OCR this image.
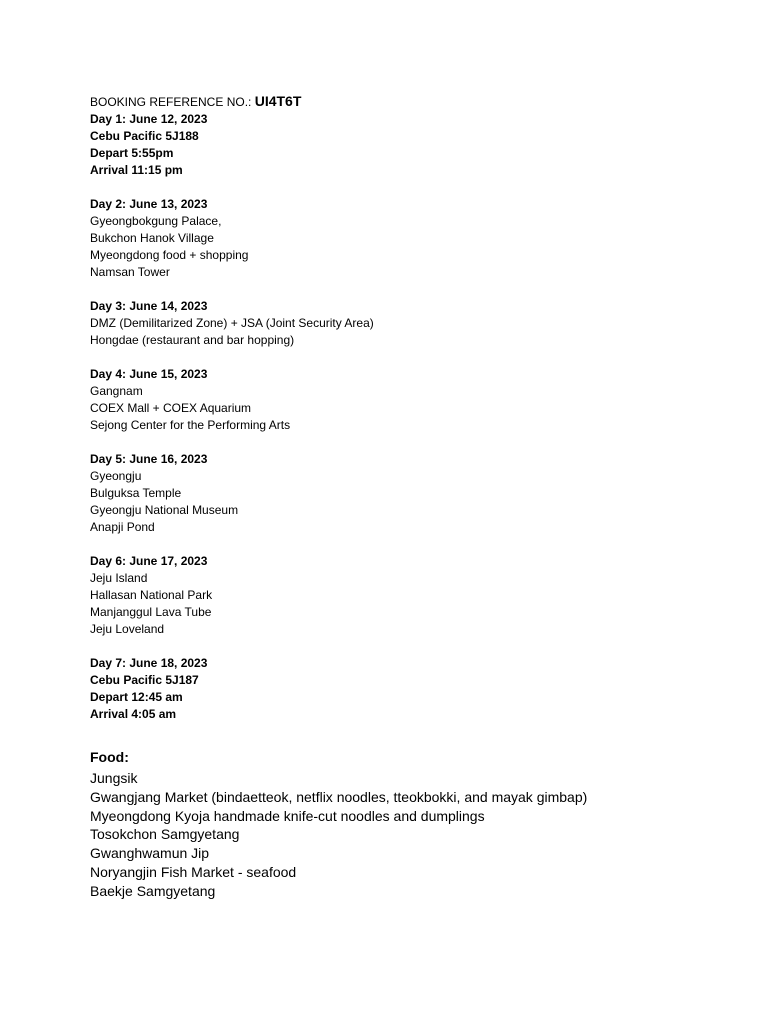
BOOKING REFERENCE NO.: UI4T6T

Day 1: June 12, 2023

Cebu Pacific 5J188

Depart 5:55pm

Arrival 11:15 pm

Day 2: June 13, 2023

Gyeongbokgung Palace,

Bukchon Hanok Village

Myeongdong food + shopping

Namsan Tower

Day 3: June 14, 2023

DMZ (Demilitarized Zone) + JSA (Joint Security Area)

Hongdae (restaurant and bar hopping)

Day 4: June 15, 2023

Gangnam

COEX Mall + COEX Aquarium

Sejong Center for the Performing Arts

Day 5: June 16, 2023

Gyeongju

Bulguksa Temple

Gyeongju National Museum

Anapji Pond

Day 6: June 17, 2023

Jeju Island

Hallasan National Park

Manjanggul Lava Tube

Jeju Loveland

Day 7: June 18, 2023

Cebu Pacific 5J187

Depart 12:45 am

Arrival 4:05 am

Food:

Jungsik

Gwangjang Market (bindaetteok, netflix noodles, tteokbokki, and mayak gimbap)

Myeongdong Kyoja handmade knife-cut noodles and dumplings

Tosokchon Samgyetang

Gwanghwamun Jip

Noryangjin Fish Market - seafood

Baekje Samgyetang
